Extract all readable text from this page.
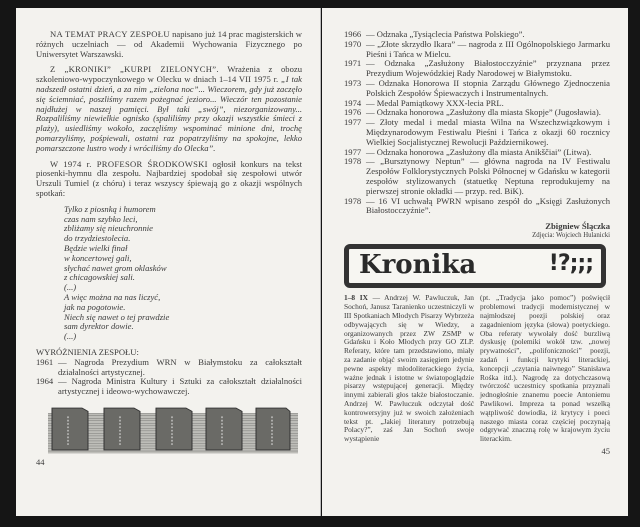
NA TEMAT PRACY ZESPOŁU napisano już 14 prac magisterskich w różnych uczelniach — od Akademii Wychowania Fizycznego po Uniwersytet Warszawski.
Z „KRONIKI” „KURPI ZIELONYCH”. Wrażenia z obozu szkoleniowo-wypoczynkowego w Olecku w dniach 1–14 VII 1975 r. „I tak nadszedł ostatni dzień, a za nim „zielona noc”... Wieczorem, gdy już zaczęło się ściemniać, poszliśmy razem pożegnać jezioro... Wieczór ten pozostanie najdłużej w naszej pamięci. Był taki „swój”, niezorganizowany... Rozpaliliśmy niewielkie ognisko (spaliliśmy przy okazji wszystkie śmieci z plaży), usiedliśmy wokoło, zaczęliśmy wspominać minione dni, trochę pomarzyliśmy, pośpiewali, ostatni raz popatrzyliśmy na spokojne, lekko pomarszczone lustro wody i wróciliśmy do Olecka”.
W 1974 r. PROFESOR ŚRODKOWSKI ogłosił konkurs na tekst piosenki-hymnu dla zespołu. Najbardziej spodobał się zespołowi utwór Urszuli Tumiel (z chóru) i teraz wszyscy śpiewają go z okazji wspólnych spotkań:
Tylko z piosnką i humorem
czas nam szybko leci,
zbliżamy się nieuchronnie
do trzydziestolecia.
Będzie wielki finał
w koncertowej gali,
słychać nawet grom oklasków
z chicagowskiej sali.
(...)
A więc można na nas liczyć,
jak na pogotowie.
Niech się nawet o tej prawdzie
sam dyrektor dowie.
(...)
WYRÓŻNIENIA ZESPOŁU:
1961	— Nagroda Prezydium WRN w Białymstoku za całokształt działalności artystycznej.
1964	— Nagroda Ministra Kultury i Sztuki za całokształt działalności artystycznej i ideowo-wychowawczej.
44
1966	— Odznaka „Tysiąclecia Państwa Polskiego”.
1970	— „Złote skrzydło Ikara” — nagroda z III Ogólnopolskiego Jarmarku Pieśni i Tańca w Mielcu.
1971	— Odznaka „Zasłużony Białostocczyźnie” przyznana przez Prezydium Wojewódzkiej Rady Narodowej w Białymstoku.
1973	— Odznaka Honorowa II stopnia Zarządu Głównego Zjednoczenia Polskich Zespołów Śpiewaczych i Instrumentalnych.
1974	— Medal Pamiątkowy XXX-lecia PRL.
1976	— Odznaka honorowa „Zasłużony dla miasta Skopje” (Jugosławia).
1977	— Złoty medal i medal miasta Wilna na Wszechzwiązkowym i Międzynarodowym Festiwalu Pieśni i Tańca z okazji 60 rocznicy Wielkiej Socjalistycznej Rewolucji Październikowej.
1977	— Odznaka honorowa „Zasłużony dla miasta Anikščiai” (Litwa).
1978	— „Bursztynowy Neptun” — główna nagroda na IV Festiwalu Zespołów Folklorystycznych Polski Północnej w Gdańsku w kategorii zespołów stylizowanych (statuetkę Neptuna reprodukujemy na pierwszej stronie okładki — przyp. red. BiK).
1978	— 16 VI uchwałą PWRN wpisano zespół do „Księgi Zasłużonych Białostocczyźnie”.
Zbigniew Ślączka
Zdjęcia: Wojciech Hulanicki
Kronika	!?;;;
1–8 IX — Andrzej W. Pawluczuk, Jan Sochoń, Janusz Taranienko uczestniczyli w III Spotkaniach Młodych Pisarzy Wybrzeża odbywających się w Wiedzy, a organizowanych przez ZW ZSMP w Gdańsku i Koło Młodych przy GO ZLP. Referaty, które tam przedstawiono, miały za zadanie objąć swoim zasięgiem jedynie pewne aspekty młodoliterackiego życia, ważne jednak i istotne w światopoglądzie pisarzy wstępującej generacji. Między innymi zabierali głos także białostoczanie. Andrzej W. Pawluczuk odczytał dość kontrowersyjny już w swoich założeniach tekst pt. „Jakiej literatury potrzebują Polacy?”, zaś Jan Sochoń swoje wystąpienie
(pt. „Tradycja jako pomoc”) poświęcił problemowi tradycji modernistycznej w najmłodszej poezji polskiej oraz zagadnieniom języka (słowa) poetyckiego. Oba referaty wywołały dość burzliwą dyskusję (polemiki wokół tzw. „nowej prywatności”, „polifoniczności” poezji, zadań i funkcji krytyki literackiej, koncepcji „czytania naiwnego” Stanisława Rośka itd.). Nagrodę za dotychczasową twórczość uczestnicy spotkania przyznali jednogłośnie znanemu poecie Antoniemu Pawlikowi. Impreza ta ponad wszelką wątpliwość dowiodła, iż krytycy i poeci naszego miasta coraz częściej poczynają odgrywać znaczną rolę w krajowym życiu literackim.
45
